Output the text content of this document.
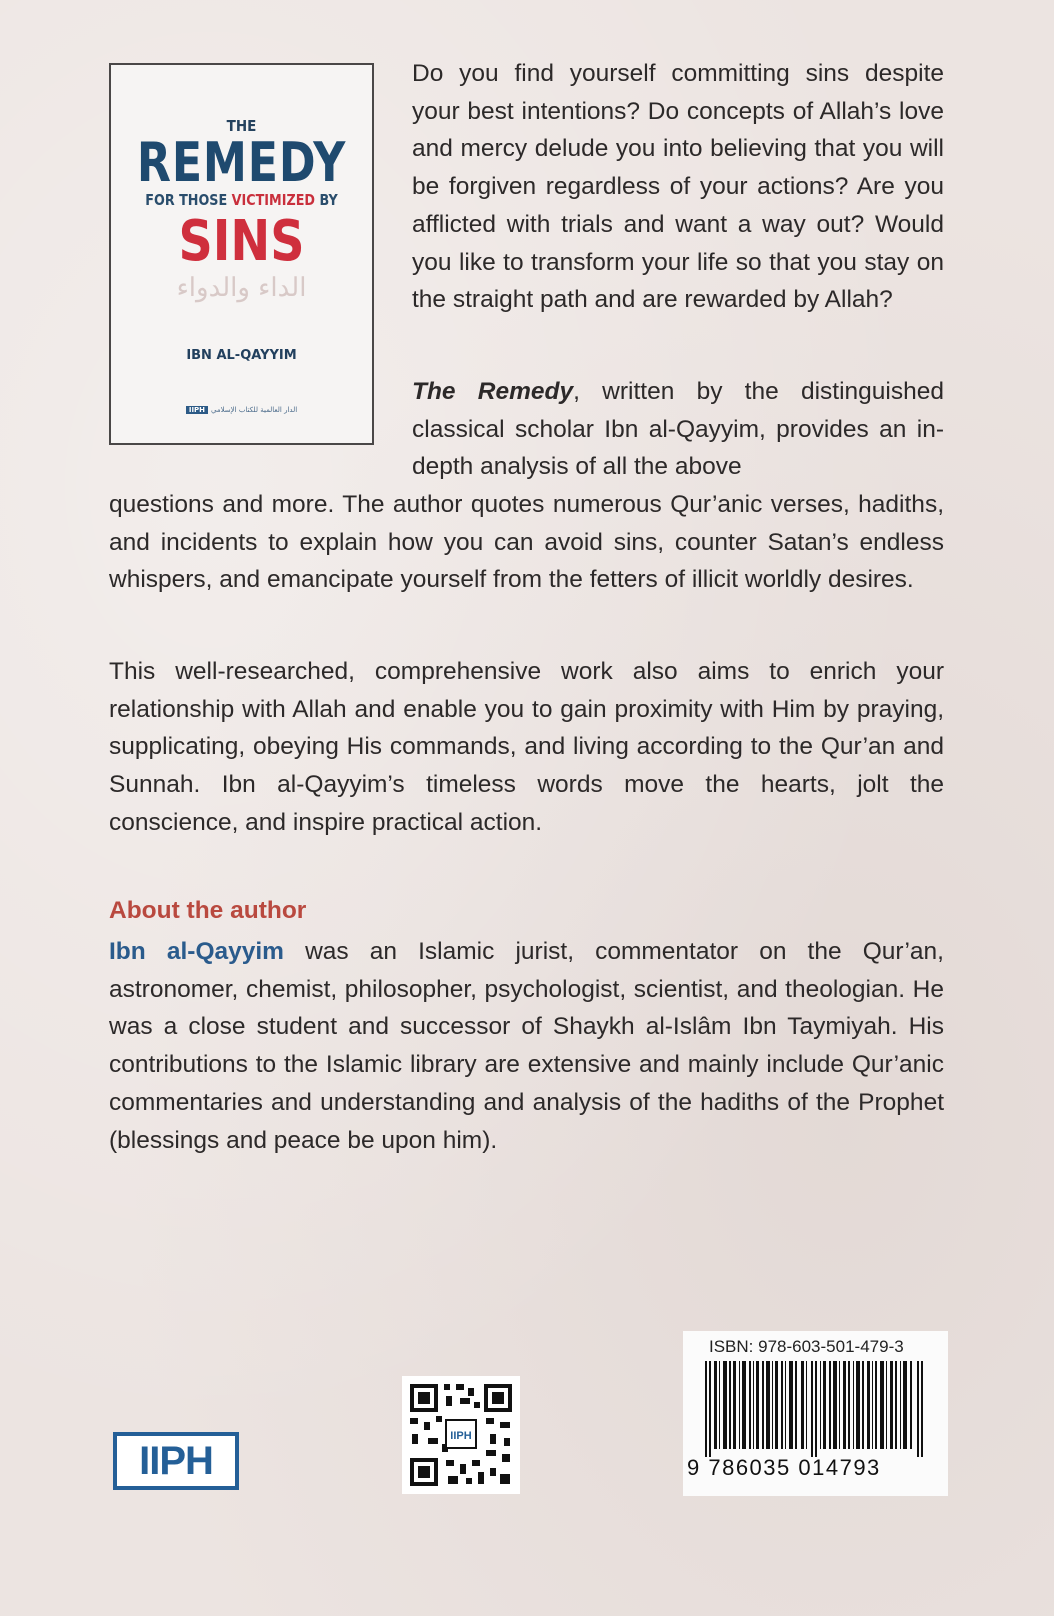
THE
REMEDY
FOR THOSE VICTIMIZED BY
SINS
الداء والدواء
IBN AL-QAYYIM
IIPH الدار العالمية للكتاب الإسلامي

Do you find yourself committing sins despite your best intentions? Do concepts of Allah’s love and mercy delude you into believing that you will be forgiven regardless of your actions? Are you afflicted with trials and want a way out? Would you like to transform your life so that you stay on the straight path and are rewarded by Allah?

The Remedy, written by the distinguished classical scholar Ibn al-Qayyim, provides an in-depth analysis of all the above

questions and more. The author quotes numerous Qur’anic verses, hadiths, and incidents to explain how you can avoid sins, counter Satan’s endless whispers, and emancipate yourself from the fetters of illicit worldly desires.

This well-researched, comprehensive work also aims to enrich your relationship with Allah and enable you to gain proximity with Him by praying, supplicating, obeying His commands, and living according to the Qur’an and Sunnah. Ibn al-Qayyim’s timeless words move the hearts, jolt the conscience, and inspire practical action.

About the author

Ibn al-Qayyim was an Islamic jurist, commentator on the Qur’an, astronomer, chemist, philosopher, psychologist, scientist, and theologian. He was a close student and successor of Shaykh al-Islâm Ibn Taymiyah. His contributions to the Islamic library are extensive and mainly include Qur’anic commentaries and understanding and analysis of the hadiths of the Prophet (blessings and peace be upon him).

IIPH
IIPH
ISBN: 978-603-501-479-3
9 786035 014793
